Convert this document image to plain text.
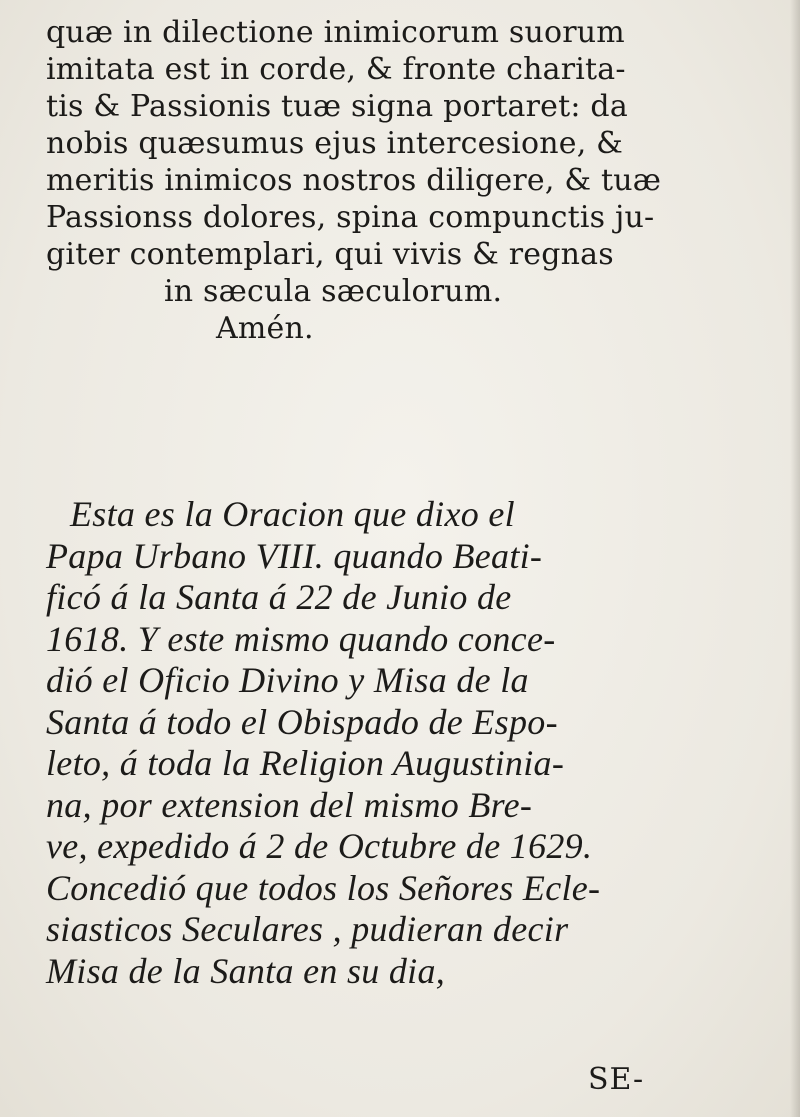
quæ in dilectione inimicorum suorum
imitata est in corde, & fronte charita-
tis & Passionis tuæ signa portaret: da
nobis quæsumus ejus intercesione, &
meritis inimicos nostros diligere, & tuæ
Passionss dolores, spina compunctis ju-
giter contemplari, qui vivis & regnas
in sæcula sæculorum.
Amén.

Esta es la Oracion que dixo el
Papa Urbano VIII. quando Beati-
ficó á la Santa á 22 de Junio de
1618. Y este mismo quando conce-
dió el Oficio Divino y Misa de la
Santa á todo el Obispado de Espo-
leto, á toda la Religion Augustinia-
na, por extension del mismo Bre-
ve, expedido á 2 de Octubre de 1629.
Concedió que todos los Señores Ecle-
siasticos Seculares , pudieran decir
Misa de la Santa en su dia,

SE-
